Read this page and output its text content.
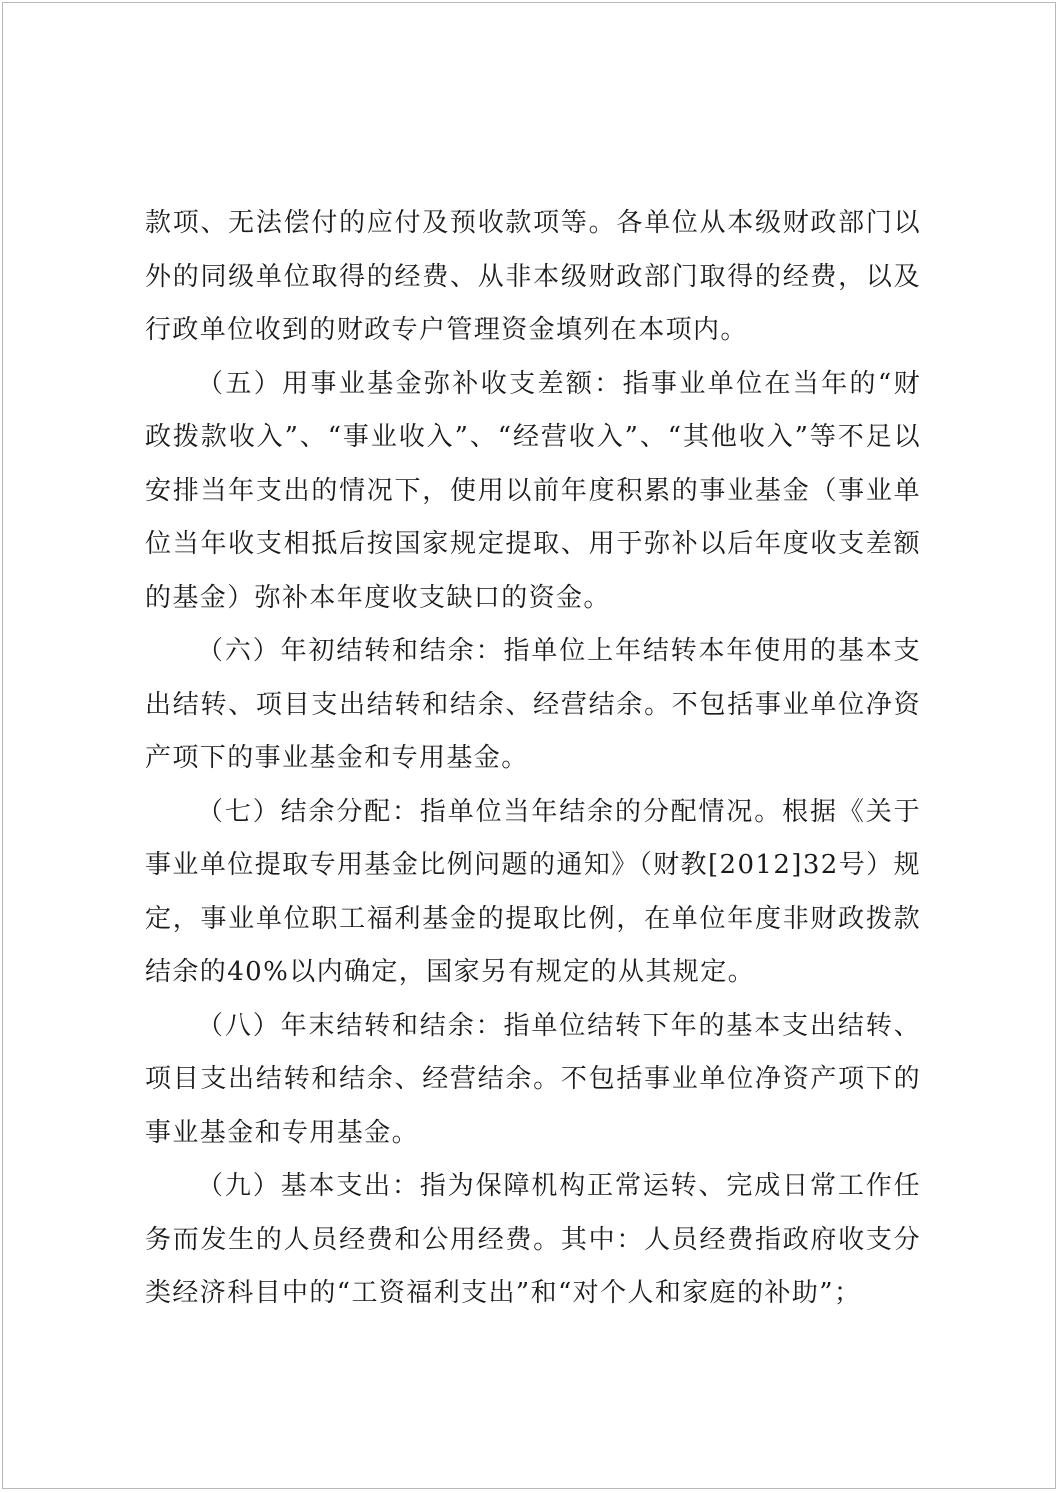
款项、无法偿付的应付及预收款项等。各单位从本级财政部门以外的同级单位取得的经费、从非本级财政部门取得的经费，以及行政单位收到的财政专户管理资金填列在本项内。

（五）用事业基金弥补收支差额：指事业单位在当年的“财政拨款收入”、“事业收入”、“经营收入”、“其他收入”等不足以安排当年支出的情况下，使用以前年度积累的事业基金（事业单位当年收支相抵后按国家规定提取、用于弥补以后年度收支差额的基金）弥补本年度收支缺口的资金。

（六）年初结转和结余：指单位上年结转本年使用的基本支出结转、项目支出结转和结余、经营结余。不包括事业单位净资产项下的事业基金和专用基金。

（七）结余分配：指单位当年结余的分配情况。根据《关于事业单位提取专用基金比例问题的通知》（财教[2012]32号）规定，事业单位职工福利基金的提取比例，在单位年度非财政拨款结余的40%以内确定，国家另有规定的从其规定。

（八）年末结转和结余：指单位结转下年的基本支出结转、项目支出结转和结余、经营结余。不包括事业单位净资产项下的事业基金和专用基金。

（九）基本支出：指为保障机构正常运转、完成日常工作任务而发生的人员经费和公用经费。其中：人员经费指政府收支分类经济科目中的“工资福利支出”和“对个人和家庭的补助”；
